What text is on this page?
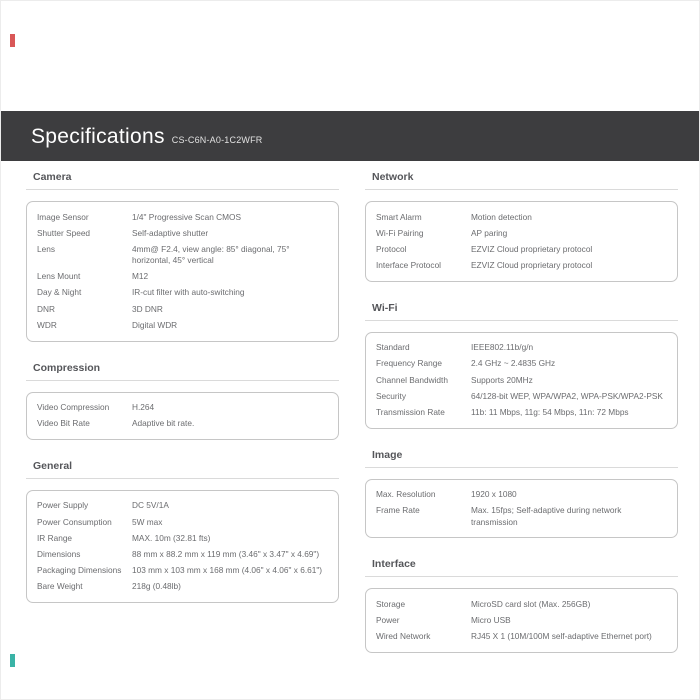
Specifications CS-C6N-A0-1C2WFR
Camera
Image Sensor	1/4" Progressive Scan CMOS
Shutter Speed	Self-adaptive shutter
Lens	4mm@ F2.4, view angle: 85° diagonal, 75° horizontal, 45° vertical
Lens Mount	M12
Day & Night	IR-cut filter with auto-switching
DNR	3D DNR
WDR	Digital WDR
Compression
Video Compression	H.264
Video Bit Rate	Adaptive bit rate.
General
Power Supply	DC 5V/1A
Power Consumption	5W max
IR Range	MAX. 10m (32.81 fts)
Dimensions	88 mm x 88.2 mm x 119 mm (3.46" x 3.47" x 4.69")
Packaging Dimensions	103 mm x 103 mm x 168 mm (4.06" x 4.06" x 6.61")
Bare Weight	218g (0.48lb)
Network
Smart Alarm	Motion detection
Wi-Fi Pairing	AP paring
Protocol	EZVIZ Cloud proprietary protocol
Interface Protocol	EZVIZ Cloud proprietary protocol
Wi-Fi
Standard	IEEE802.11b/g/n
Frequency Range	2.4 GHz ~ 2.4835 GHz
Channel Bandwidth	Supports 20MHz
Security	64/128-bit WEP, WPA/WPA2, WPA-PSK/WPA2-PSK
Transmission Rate	11b: 11 Mbps, 11g: 54 Mbps, 11n: 72 Mbps
Image
Max. Resolution	1920 x 1080
Frame Rate	Max. 15fps; Self-adaptive during network transmission
Interface
Storage	MicroSD card slot (Max. 256GB)
Power	Micro USB
Wired Network	RJ45 X 1 (10M/100M self-adaptive Ethernet port)
